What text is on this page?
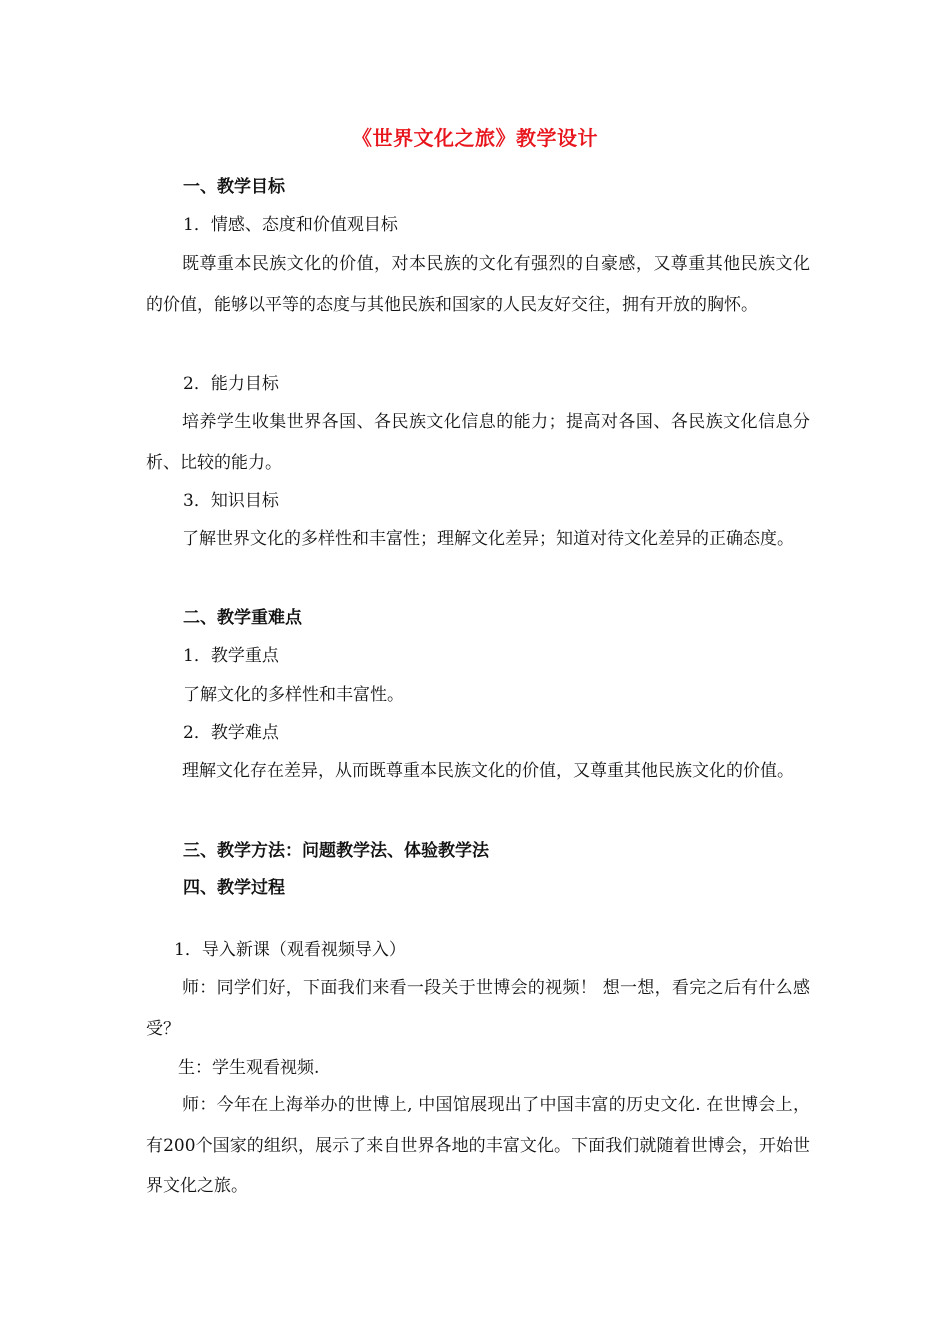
《世界文化之旅》教学设计
一、教学目标
1．情感、态度和价值观目标
既尊重本民族文化的价值，对本民族的文化有强烈的自豪感，又尊重其他民族文化的价值，能够以平等的态度与其他民族和国家的人民友好交往，拥有开放的胸怀。
2．能力目标
培养学生收集世界各国、各民族文化信息的能力；提高对各国、各民族文化信息分析、比较的能力。
3．知识目标
了解世界文化的多样性和丰富性；理解文化差异；知道对待文化差异的正确态度。
二、教学重难点
1．教学重点
了解文化的多样性和丰富性。
2．教学难点
理解文化存在差异，从而既尊重本民族文化的价值，又尊重其他民族文化的价值。
三、教学方法：问题教学法、体验教学法
四、教学过程
1．导入新课（观看视频导入）
师：同学们好，下面我们来看一段关于世博会的视频！ 想一想，看完之后有什么感受？
生：学生观看视频.
师：今年在上海举办的世博上, 中国馆展现出了中国丰富的历史文化. 在世博会上，有200个国家的组织，展示了来自世界各地的丰富文化。下面我们就随着世博会，开始世界文化之旅。
